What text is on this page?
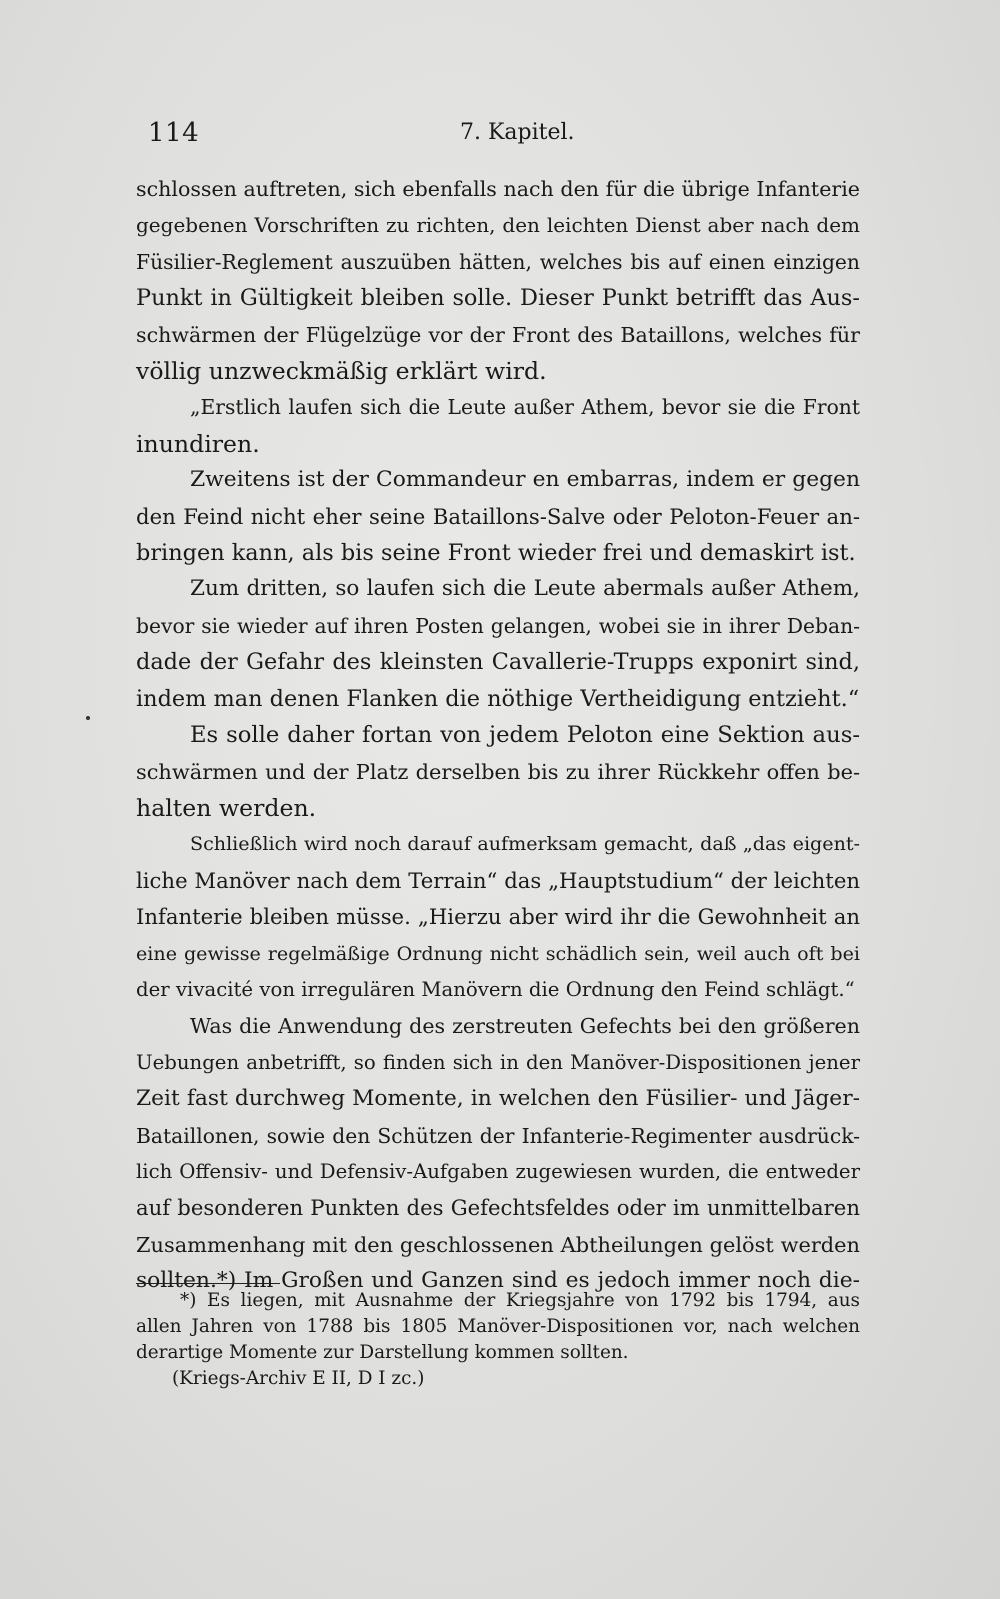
114	7. Kapitel.

schlossen auftreten, sich ebenfalls nach den für die übrige Infanterie
gegebenen Vorschriften zu richten, den leichten Dienst aber nach dem
Füsilier-Reglement auszuüben hätten, welches bis auf einen einzigen
Punkt in Gültigkeit bleiben solle. Dieser Punkt betrifft das Aus-
schwärmen der Flügelzüge vor der Front des Bataillons, welches für
völlig unzweckmäßig erklärt wird.

„Erstlich laufen sich die Leute außer Athem, bevor sie die Front
inundiren.

Zweitens ist der Commandeur en embarras, indem er gegen
den Feind nicht eher seine Bataillons-Salve oder Peloton-Feuer an-
bringen kann, als bis seine Front wieder frei und demaskirt ist.

Zum dritten, so laufen sich die Leute abermals außer Athem,
bevor sie wieder auf ihren Posten gelangen, wobei sie in ihrer Deban-
dade der Gefahr des kleinsten Cavallerie-Trupps exponirt sind,
indem man denen Flanken die nöthige Vertheidigung entzieht.“

Es solle daher fortan von jedem Peloton eine Sektion aus-
schwärmen und der Platz derselben bis zu ihrer Rückkehr offen be-
halten werden.

Schließlich wird noch darauf aufmerksam gemacht, daß „das eigent-
liche Manöver nach dem Terrain“ das „Hauptstudium“ der leichten
Infanterie bleiben müsse. „Hierzu aber wird ihr die Gewohnheit an
eine gewisse regelmäßige Ordnung nicht schädlich sein, weil auch oft bei
der vivacité von irregulären Manövern die Ordnung den Feind schlägt.“

Was die Anwendung des zerstreuten Gefechts bei den größeren
Uebungen anbetrifft, so finden sich in den Manöver-Dispositionen jener
Zeit fast durchweg Momente, in welchen den Füsilier- und Jäger-
Bataillonen, sowie den Schützen der Infanterie-Regimenter ausdrück-
lich Offensiv- und Defensiv-Aufgaben zugewiesen wurden, die entweder
auf besonderen Punkten des Gefechtsfeldes oder im unmittelbaren
Zusammenhang mit den geschlossenen Abtheilungen gelöst werden
sollten.*) Im Großen und Ganzen sind es jedoch immer noch die-

*) Es liegen, mit Ausnahme der Kriegsjahre von 1792 bis 1794, aus
allen Jahren von 1788 bis 1805 Manöver-Dispositionen vor, nach welchen
derartige Momente zur Darstellung kommen sollten.
(Kriegs-Archiv E II, D I zc.)
